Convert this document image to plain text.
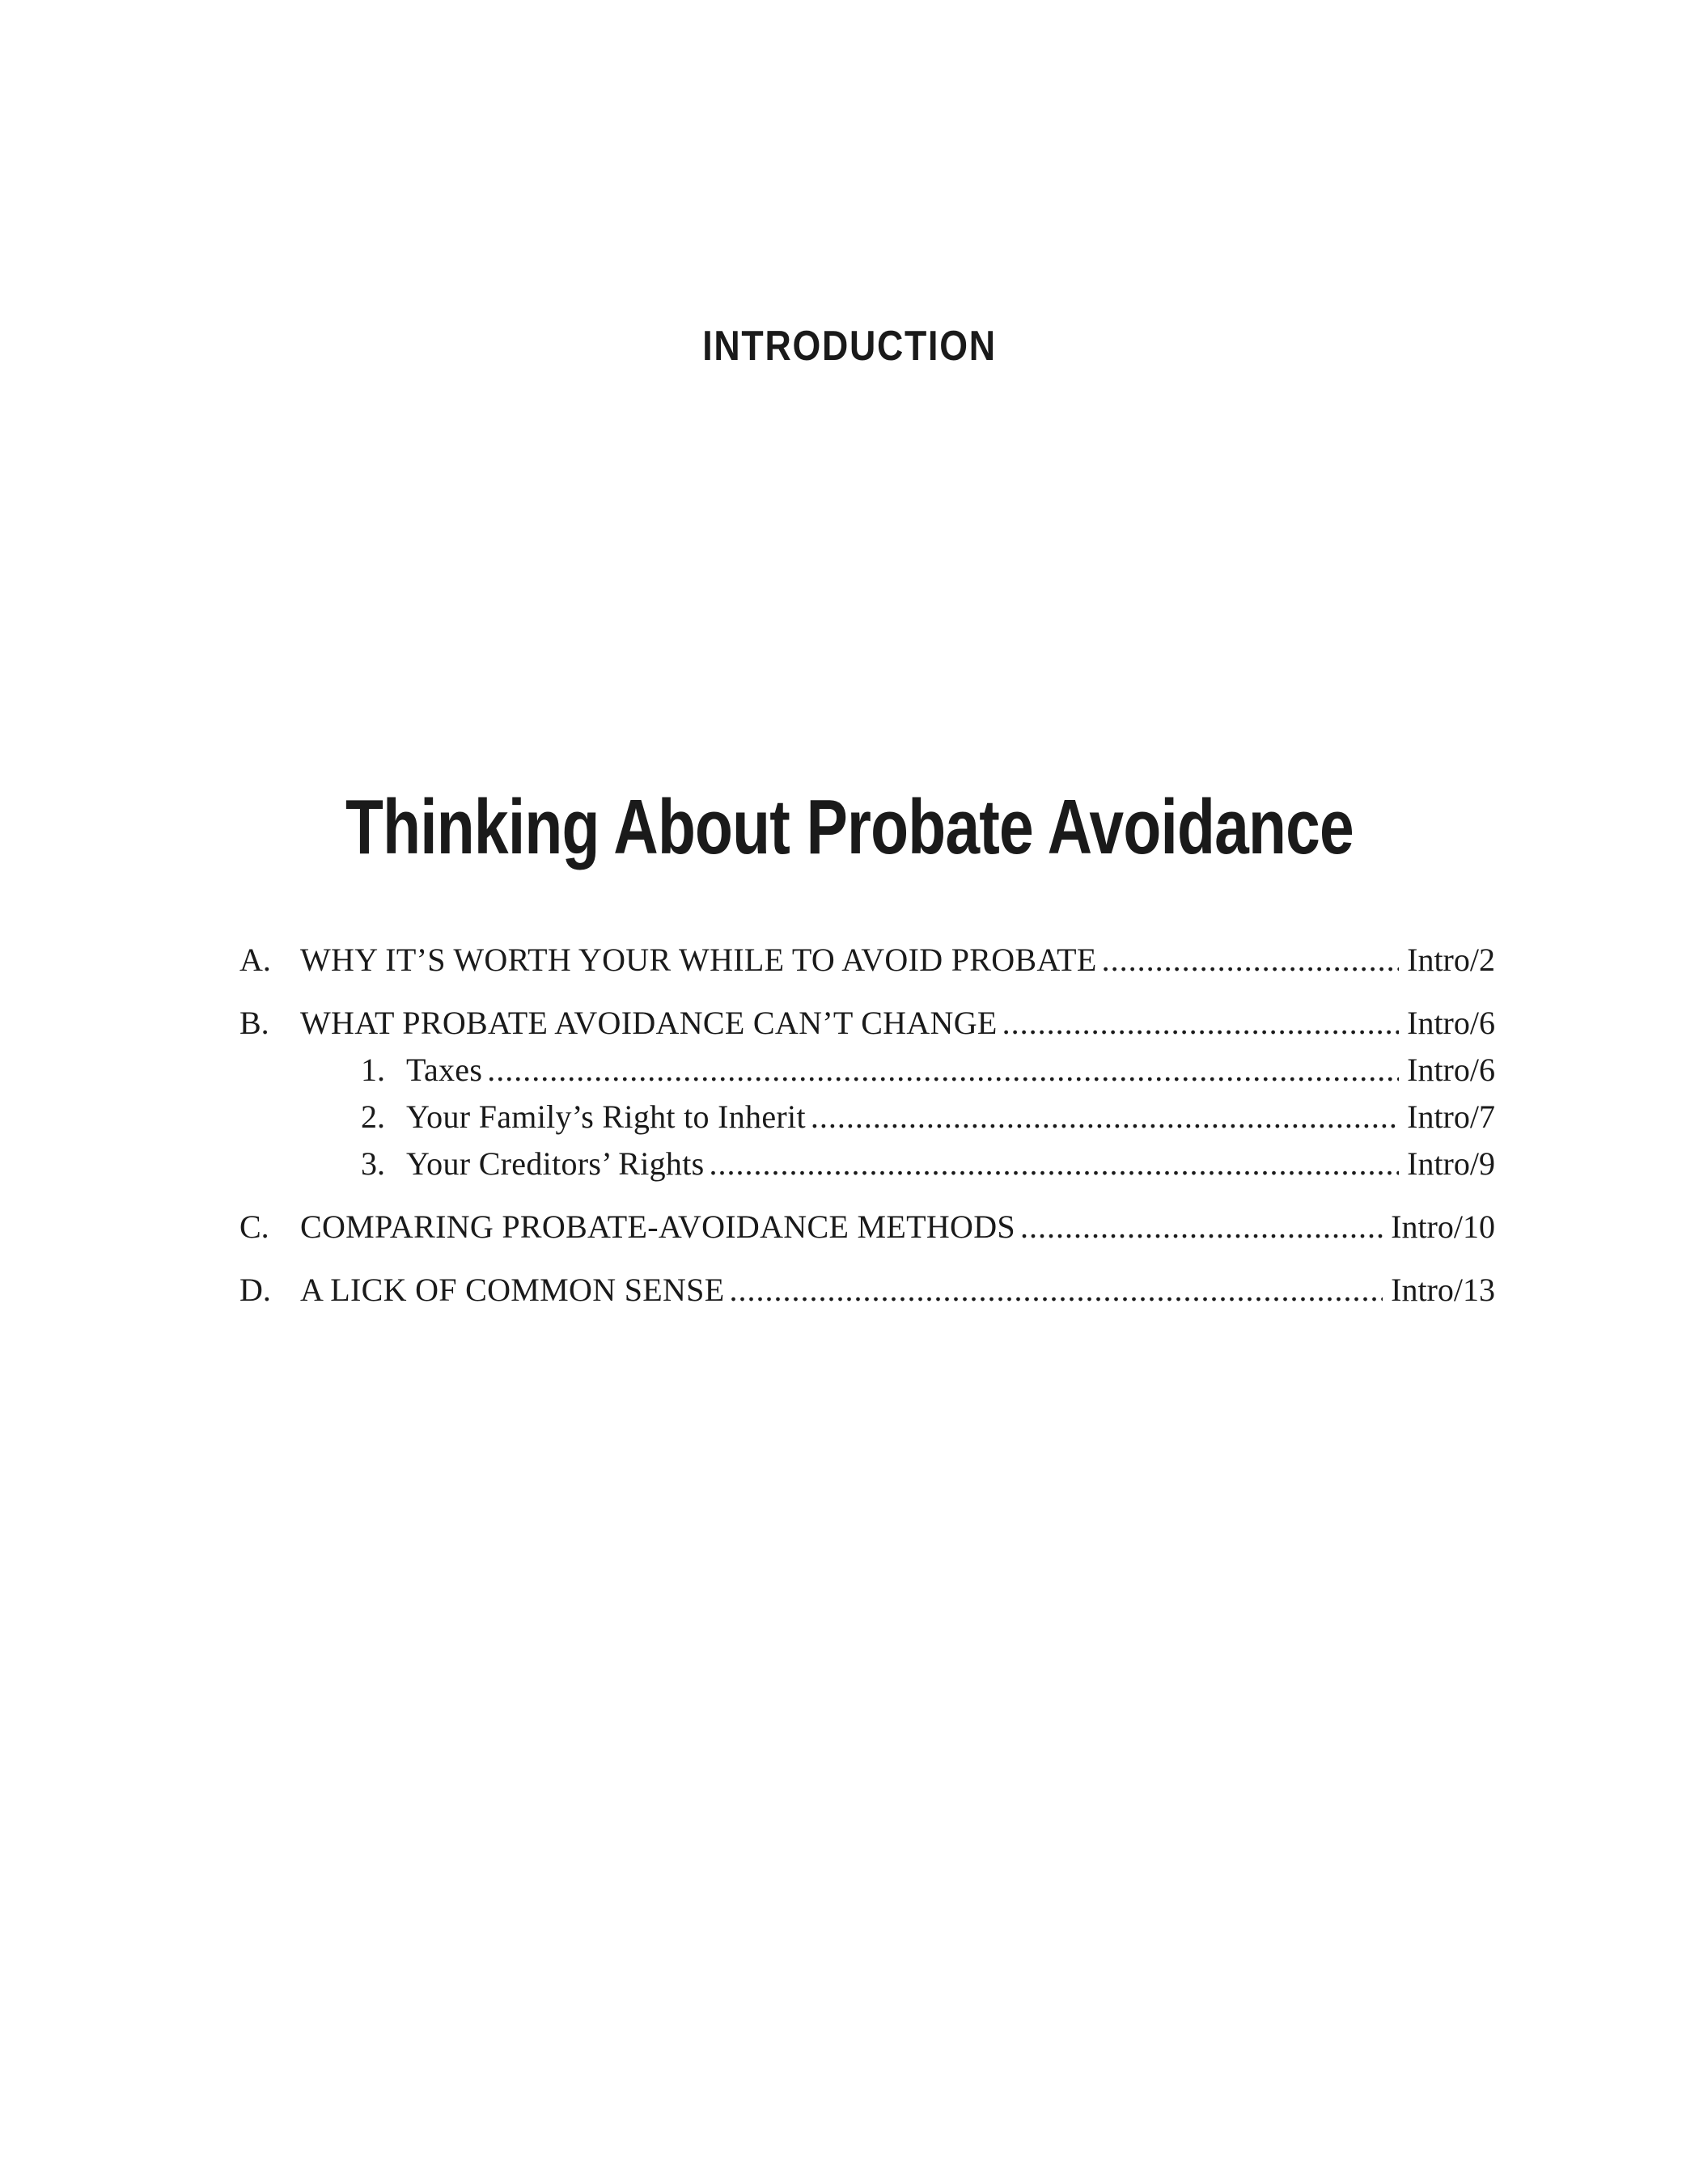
INTRODUCTION
Thinking About Probate Avoidance
A. WHY IT’S WORTH YOUR WHILE TO AVOID PROBATE .....	Intro/2
B. WHAT PROBATE AVOIDANCE CAN’T CHANGE .....	Intro/6
1. Taxes .....	Intro/6
2. Your Family’s Right to Inherit .....	Intro/7
3. Your Creditors’ Rights .....	Intro/9
C. COMPARING PROBATE-AVOIDANCE METHODS .....	Intro/10
D. A LICK OF COMMON SENSE .....	Intro/13
